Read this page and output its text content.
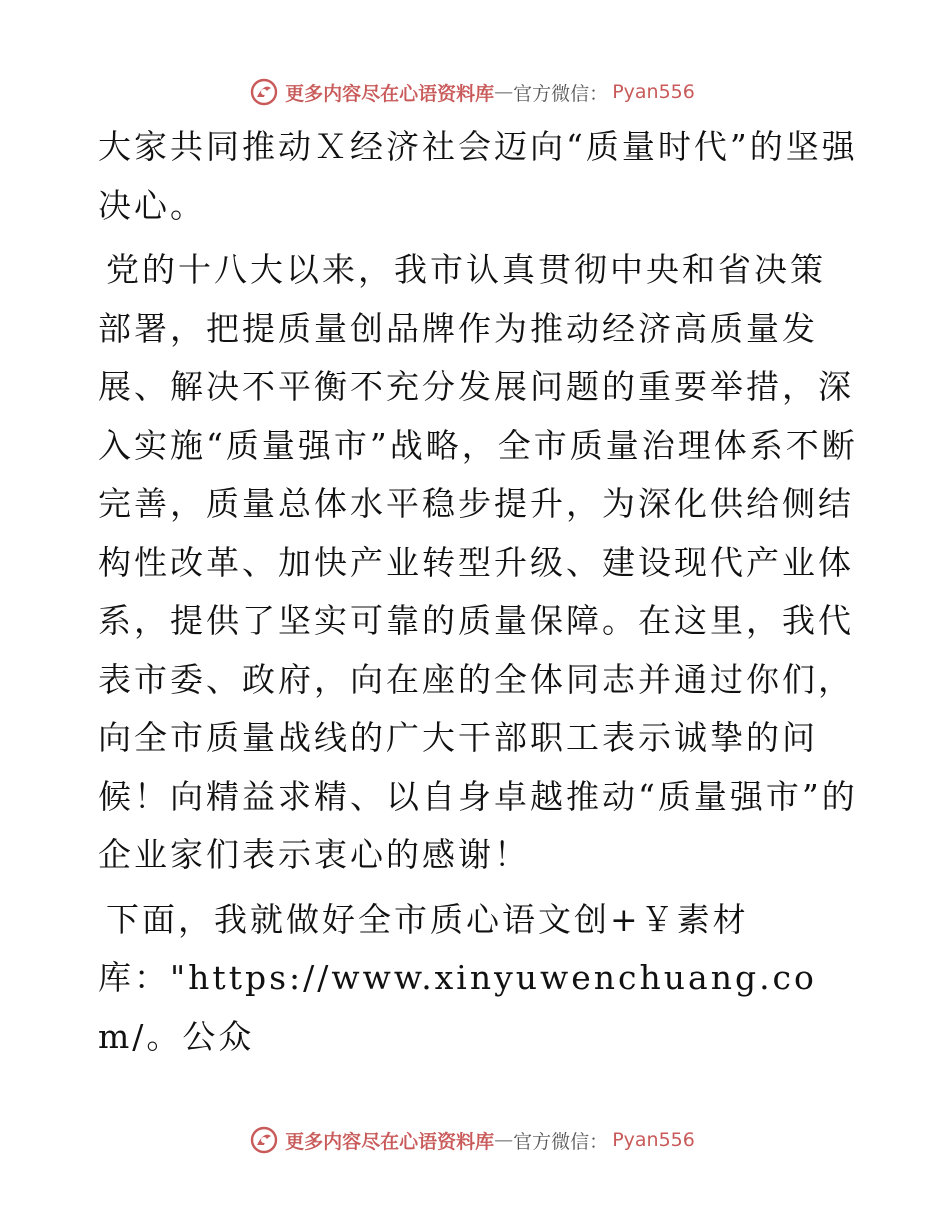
更多内容尽在心语资料库 — 官方微信： Pyan556

大家共同推动Ｘ经济社会迈向“质量时代”的坚强决心。

党的十八大以来，我市认真贯彻中央和省决策部署，把提质量创品牌作为推动经济高质量发展、解决不平衡不充分发展问题的重要举措，深入实施“质量强市”战略，全市质量治理体系不断完善，质量总体水平稳步提升，为深化供给侧结构性改革、加快产业转型升级、建设现代产业体系，提供了坚实可靠的质量保障。在这里，我代表市委、政府，向在座的全体同志并通过你们，向全市质量战线的广大干部职工表示诚挚的问候！向精益求精、以自身卓越推动“质量强市”的企业家们表示衷心的感谢！

下面，我就做好全市质心语文创+￥素材库："https://www.xinyuwenchuang.com/。公众

更多内容尽在心语资料库 — 官方微信： Pyan556
